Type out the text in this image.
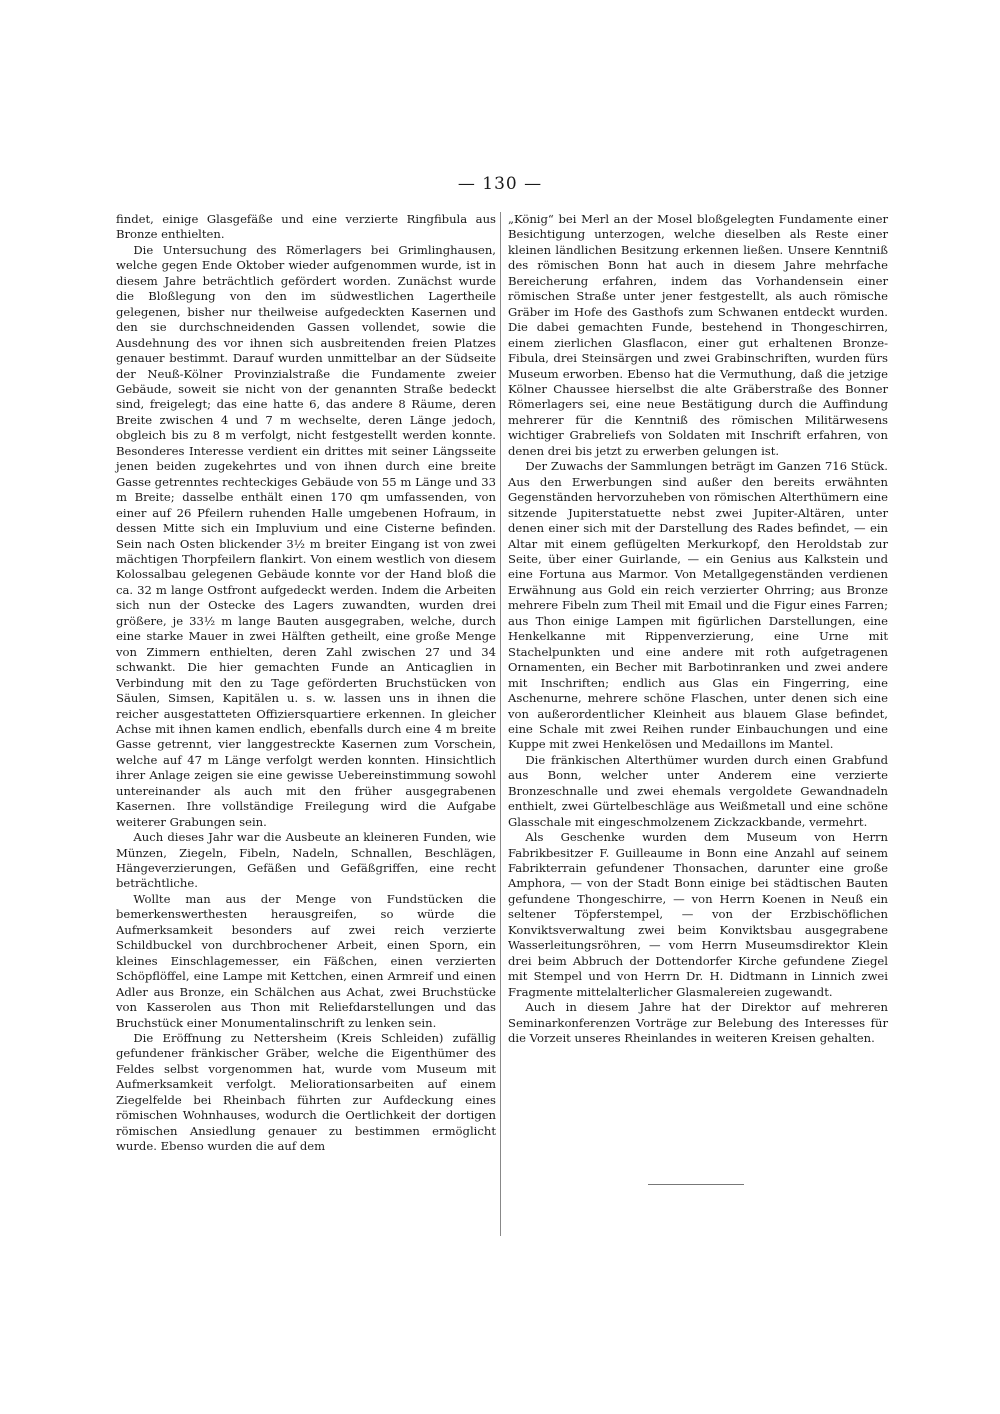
— 130 —

findet, einige Glasgefäße und eine verzierte Ringfibula aus Bronze enthielten.

Die Untersuchung des Römerlagers bei Grimlinghausen, welche gegen Ende Oktober wieder aufgenommen wurde, ist in diesem Jahre beträchtlich gefördert worden. Zunächst wurde die Bloßlegung von den im südwestlichen Lagertheile gelegenen, bisher nur theilweise aufgedeckten Kasernen und den sie durchschneidenden Gassen vollendet, sowie die Ausdehnung des vor ihnen sich ausbreitenden freien Platzes genauer bestimmt. Darauf wurden unmittelbar an der Südseite der Neuß-Kölner Provinzialstraße die Fundamente zweier Gebäude, soweit sie nicht von der genannten Straße bedeckt sind, freigelegt; das eine hatte 6, das andere 8 Räume, deren Breite zwischen 4 und 7 m wechselte, deren Länge jedoch, obgleich bis zu 8 m verfolgt, nicht festgestellt werden konnte. Besonderes Interesse verdient ein drittes mit seiner Längsseite jenen beiden zugekehrtes und von ihnen durch eine breite Gasse getrenntes rechteckiges Gebäude von 55 m Länge und 33 m Breite; dasselbe enthält einen 170 qm umfassenden, von einer auf 26 Pfeilern ruhenden Halle umgebenen Hofraum, in dessen Mitte sich ein Impluvium und eine Cisterne befinden. Sein nach Osten blickender 3½ m breiter Eingang ist von zwei mächtigen Thorpfeilern flankirt. Von einem westlich von diesem Kolossalbau gelegenen Gebäude konnte vor der Hand bloß die ca. 32 m lange Ostfront aufgedeckt werden. Indem die Arbeiten sich nun der Ostecke des Lagers zuwandten, wurden drei größere, je 33½ m lange Bauten ausgegraben, welche, durch eine starke Mauer in zwei Hälften getheilt, eine große Menge von Zimmern enthielten, deren Zahl zwischen 27 und 34 schwankt. Die hier gemachten Funde an Anticaglien in Verbindung mit den zu Tage geförderten Bruchstücken von Säulen, Simsen, Kapitälen u. s. w. lassen uns in ihnen die reicher ausgestatteten Offiziersquartiere erkennen. In gleicher Achse mit ihnen kamen endlich, ebenfalls durch eine 4 m breite Gasse getrennt, vier langgestreckte Kasernen zum Vorschein, welche auf 47 m Länge verfolgt werden konnten. Hinsichtlich ihrer Anlage zeigen sie eine gewisse Uebereinstimmung sowohl untereinander als auch mit den früher ausgegrabenen Kasernen. Ihre vollständige Freilegung wird die Aufgabe weiterer Grabungen sein.

Auch dieses Jahr war die Ausbeute an kleineren Funden, wie Münzen, Ziegeln, Fibeln, Nadeln, Schnallen, Beschlägen, Hängeverzierungen, Gefäßen und Gefäßgriffen, eine recht beträchtliche.

Wollte man aus der Menge von Fundstücken die bemerkenswerthesten herausgreifen, so würde die Aufmerksamkeit besonders auf zwei reich verzierte Schildbuckel von durchbrochener Arbeit, einen Sporn, ein kleines Einschlagemesser, ein Fäßchen, einen verzierten Schöpflöffel, eine Lampe mit Kettchen, einen Armreif und einen Adler aus Bronze, ein Schälchen aus Achat, zwei Bruchstücke von Kasserolen aus Thon mit Reliefdarstellungen und das Bruchstück einer Monumentalinschrift zu lenken sein.

Die Eröffnung zu Nettersheim (Kreis Schleiden) zufällig gefundener fränkischer Gräber, welche die Eigenthümer des Feldes selbst vorgenommen hat, wurde vom Museum mit Aufmerksamkeit verfolgt. Meliorationsarbeiten auf einem Ziegelfelde bei Rheinbach führten zur Aufdeckung eines römischen Wohnhauses, wodurch die Oertlichkeit der dortigen römischen Ansiedlung genauer zu bestimmen ermöglicht wurde. Ebenso wurden die auf dem

„König“ bei Merl an der Mosel bloßgelegten Fundamente einer Besichtigung unterzogen, welche dieselben als Reste einer kleinen ländlichen Besitzung erkennen ließen. Unsere Kenntniß des römischen Bonn hat auch in diesem Jahre mehrfache Bereicherung erfahren, indem das Vorhandensein einer römischen Straße unter jener festgestellt, als auch römische Gräber im Hofe des Gasthofs zum Schwanen entdeckt wurden. Die dabei gemachten Funde, bestehend in Thongeschirren, einem zierlichen Glasflacon, einer gut erhaltenen Bronze-Fibula, drei Steinsärgen und zwei Grabinschriften, wurden fürs Museum erworben. Ebenso hat die Vermuthung, daß die jetzige Kölner Chaussee hierselbst die alte Gräberstraße des Bonner Römerlagers sei, eine neue Bestätigung durch die Auffindung mehrerer für die Kenntniß des römischen Militärwesens wichtiger Grabreliefs von Soldaten mit Inschrift erfahren, von denen drei bis jetzt zu erwerben gelungen ist.

Der Zuwachs der Sammlungen beträgt im Ganzen 716 Stück. Aus den Erwerbungen sind außer den bereits erwähnten Gegenständen hervorzuheben von römischen Alterthümern eine sitzende Jupiterstatuette nebst zwei Jupiter-Altären, unter denen einer sich mit der Darstellung des Rades befindet, — ein Altar mit einem geflügelten Merkurkopf, den Heroldstab zur Seite, über einer Guirlande, — ein Genius aus Kalkstein und eine Fortuna aus Marmor. Von Metallgegenständen verdienen Erwähnung aus Gold ein reich verzierter Ohrring; aus Bronze mehrere Fibeln zum Theil mit Email und die Figur eines Farren; aus Thon einige Lampen mit figürlichen Darstellungen, eine Henkelkanne mit Rippenverzierung, eine Urne mit Stachelpunkten und eine andere mit roth aufgetragenen Ornamenten, ein Becher mit Barbotinranken und zwei andere mit Inschriften; endlich aus Glas ein Fingerring, eine Aschenurne, mehrere schöne Flaschen, unter denen sich eine von außerordentlicher Kleinheit aus blauem Glase befindet, eine Schale mit zwei Reihen runder Einbauchungen und eine Kuppe mit zwei Henkelösen und Medaillons im Mantel.

Die fränkischen Alterthümer wurden durch einen Grabfund aus Bonn, welcher unter Anderem eine verzierte Bronzeschnalle und zwei ehemals vergoldete Gewandnadeln enthielt, zwei Gürtelbeschläge aus Weißmetall und eine schöne Glasschale mit eingeschmolzenem Zickzackbande, vermehrt.

Als Geschenke wurden dem Museum von Herrn Fabrikbesitzer F. Guilleaume in Bonn eine Anzahl auf seinem Fabrikterrain gefundener Thonsachen, darunter eine große Amphora, — von der Stadt Bonn einige bei städtischen Bauten gefundene Thongeschirre, — von Herrn Koenen in Neuß ein seltener Töpferstempel, — von der Erzbischöflichen Konviktsverwaltung zwei beim Konviktsbau ausgegrabene Wasserleitungsröhren, — vom Herrn Museumsdirektor Klein drei beim Abbruch der Dottendorfer Kirche gefundene Ziegel mit Stempel und von Herrn Dr. H. Didtmann in Linnich zwei Fragmente mittelalterlicher Glasmalereien zugewandt.

Auch in diesem Jahre hat der Direktor auf mehreren Seminarkonferenzen Vorträge zur Belebung des Interesses für die Vorzeit unseres Rheinlandes in weiteren Kreisen gehalten.
